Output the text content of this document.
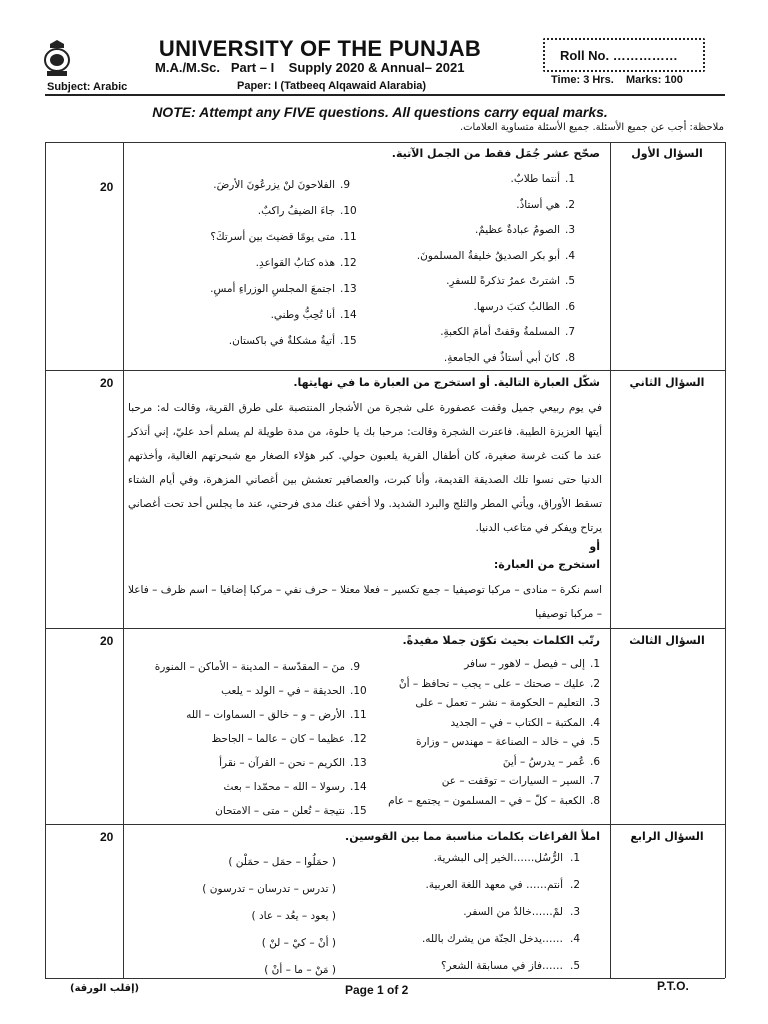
UNIVERSITY OF THE PUNJAB
M.A./M.Sc.   Part – I    Supply 2020 & Annual– 2021
Roll No. ……………
Time: 3 Hrs.    Marks: 100
Subject: Arabic	Paper: I (Tatbeeq Alqawaid Alarabia)
NOTE: Attempt any FIVE questions. All questions carry equal marks.
ملاحظة: أجب عن جميع الأسئلة. جميع الأسئلة متساوية العلامات.
السؤال الأول
20
صحّح عشر جُمَل فقط من الجمل الآتية.
.1
أنتما طلابٌ.
.2
هي أستاذٌ.
.3
الصومُ عبادةٌ عظيمٌ.
.4
أبو بكر الصديقُ خليفةُ المسلمونَ.
.5
اشترتْ عمرُ تذكرةً للسفرِ.
.6
الطالبُ كتبَ درسها.
.7
المسلمةُ وقفتْ أمامَ الكعبةِ.
.8
كانَ أبي أستاذٌ في الجامعةِ.
.9
الفلاحونَ لنْ يزرعُونَ الأرضَ.
.10
جاءَ الضيفُ راكبٌ.
.11
متى يومًا قضيتَ بين أسرتكَ؟
.12
هذه كتابُ القواعدِ.
.13
اجتمعَ المجلسِ الوزراءِ أمسِ.
.14
أنا تُحِبُّ وطني.
.15
أتيةُ مشكلةٌ في باكستان.
السؤال الثاني
20	شكّل العبارة التالية. أو استخرج من العبارة ما في نهايتها.
في يوم ربيعي جميل وقفت عصفورة على شجرة من الأشجار المنتصبة على طرق القرية، وقالت له: مرحبا أيتها العزيزة الطيبة. فاعترت الشجرة وقالت: مرحبا بك يا حلوة، من مدة طويلة لم يسلم أحد عليّ، إني أتذكر عند ما كنت غرسة صغيرة، كان أطفال القرية يلعبون حولي. كبر هؤلاء الصغار مع شبحرتهم الغالية، وأخذتهم الدنيا حتى نسوا تلك الصديقة القديمة، وأنا كبرت، والعصافير تعشش بين أغصاني المزهرة، وفي أيام الشتاء تسقط الأوراق، ويأتي المطر والثلج والبرد الشديد. ولا أخفي عنك مدى فرحتي، عند ما يجلس أحد تحت أغصاني يرتاح ويفكر في متاعب الدنيا.
أو
استخرج من العبارة:
اسم نكرة – منادى – مركبا توصيفيا – جمع تكسير – فعلا معتلا – حرف نفي – مركبا إضافيا – اسم ظرف – فاعلا – مركبا توصيفيا
السؤال الثالث
20	رتّب الكلمات بحيث تكوّن جملا مفيدةً.
.1
إلى – فيصل – لاهور – سافر
.2
عليك – صحتك – على – يجب – تحافظ – أنْ
.3
التعليم – الحكومة – نشر – تعمل – على
.4
المكتبة – الكتاب – في – الجديد
.5
في – خالد – الصناعة – مهندس – وزارة
.6
عُمر – يدرسُ – أينَ
.7
السير – السيارات – توقفت – عن
.8
الكعبة – كلّ – في – المسلمون – يجتمع – عام
.9
منَ – المقدّسة – المدينة – الأماكن – المنورة
.10
الحديقة – في – الولد – يلعب
.11
الأرض – و – خالق – السماوات – الله
.12
عظيما – كان – عالما – الجاحظ
.13
الكريم – نحن – القرآن – نقرأ
.14
رسولا – الله – محمّدا – بعث
.15
نتيجة – تُعلن – متى – الامتحان
السؤال الرابع
20	املأ الفراغات بكلمات مناسبة مما بين القوسين.
.1
الرُّسُل……الخير إلى البشرية.
.2
أنتم…… في معهد اللغة العربية.
.3
لمْ……خالدٌ من السفر.
.4
……يدخل الجنّة من يشرك بالله.
.5
……فاز في مسابقة الشعر؟
( حمَلُوا – حمَل – حمَلْن )
( تدرس – تدرسان – تدرسون )
( يعود – يعُد – عاد )
( أنْ – كيْ – لنْ )
( مَنْ – ما – أنْ )
(إقلب الورقة)	Page 1 of 2	P.T.O.
